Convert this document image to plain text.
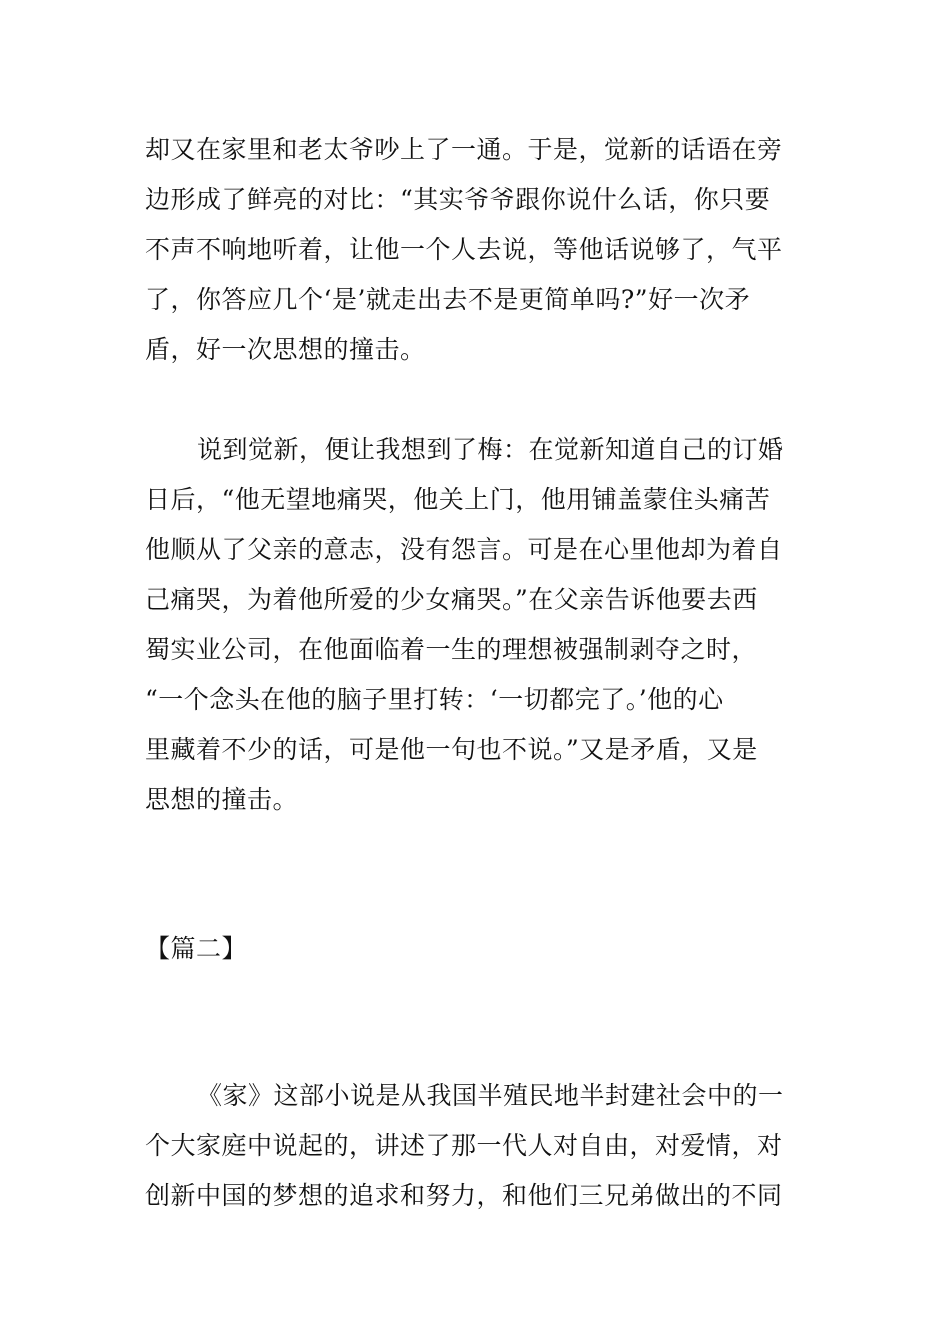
却又在家里和老太爷吵上了一通。于是，觉新的话语在旁
边形成了鲜亮的对比：“其实爷爷跟你说什么话，你只要
不声不响地听着，让他一个人去说，等他话说够了，气平
了，你答应几个‘是’就走出去不是更简单吗?”好一次矛
盾，好一次思想的撞击。
说到觉新，便让我想到了梅：在觉新知道自己的订婚
日后，“他无望地痛哭，他关上门，他用铺盖蒙住头痛苦
他顺从了父亲的意志，没有怨言。可是在心里他却为着自
己痛哭，为着他所爱的少女痛哭。”在父亲告诉他要去西
蜀实业公司，在他面临着一生的理想被强制剥夺之时，
“一个念头在他的脑子里打转：‘一切都完了。’他的心
里藏着不少的话，可是他一句也不说。”又是矛盾，又是
思想的撞击。
【篇二】
《家》这部小说是从我国半殖民地半封建社会中的一
个大家庭中说起的，讲述了那一代人对自由，对爱情，对
创新中国的梦想的追求和努力，和他们三兄弟做出的不同
